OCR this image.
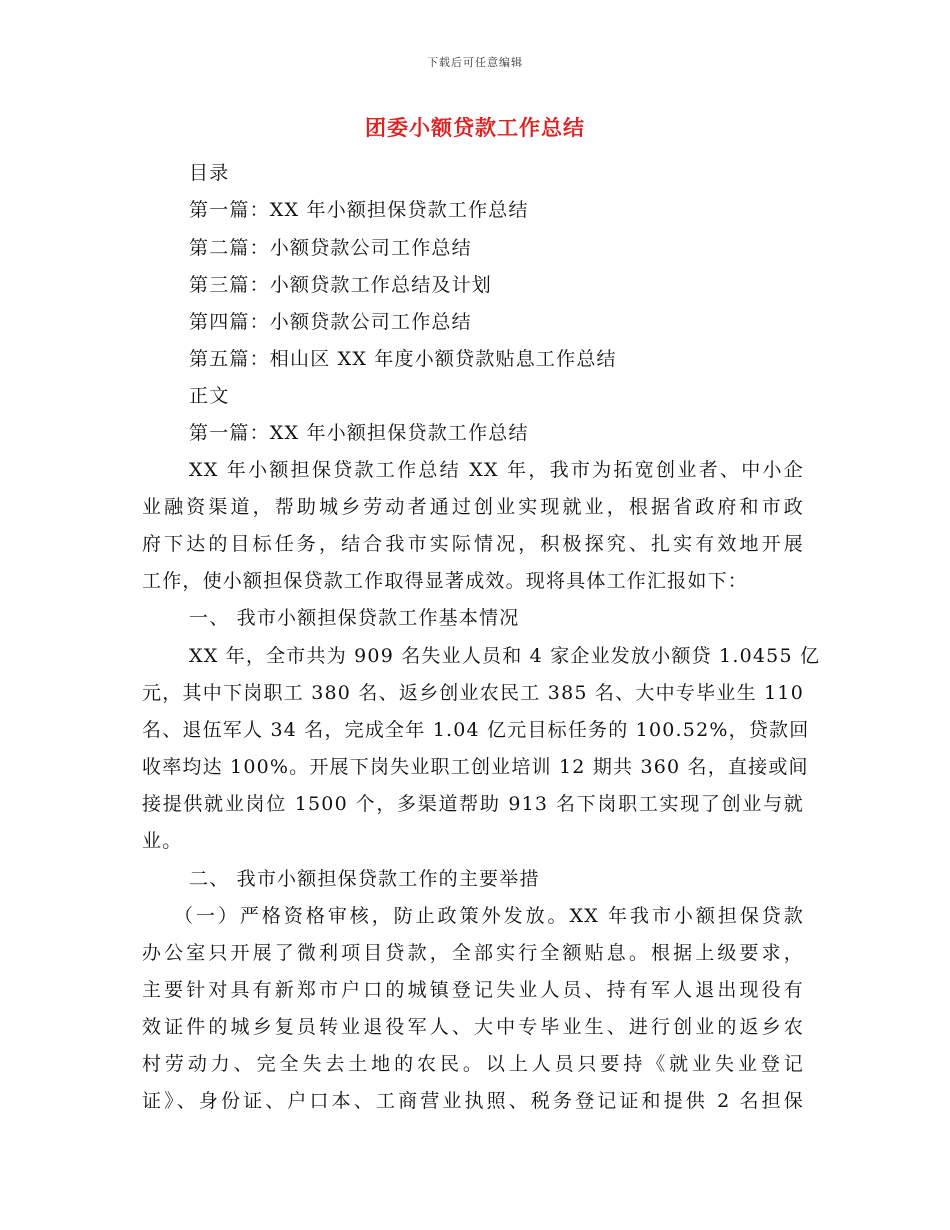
下载后可任意编辑
团委小额贷款工作总结
目录
第一篇：XX 年小额担保贷款工作总结
第二篇：小额贷款公司工作总结
第三篇：小额贷款工作总结及计划
第四篇：小额贷款公司工作总结
第五篇：相山区 XX 年度小额贷款贴息工作总结
正文
第一篇：XX 年小额担保贷款工作总结
XX 年小额担保贷款工作总结 XX 年，我市为拓宽创业者、中小企
业融资渠道，帮助城乡劳动者通过创业实现就业，根据省政府和市政
府下达的目标任务，结合我市实际情况，积极探究、扎实有效地开展
工作，使小额担保贷款工作取得显著成效。现将具体工作汇报如下：
一、 我市小额担保贷款工作基本情况
XX 年，全市共为 909 名失业人员和 4 家企业发放小额贷 1.0455 亿
元，其中下岗职工 380 名、返乡创业农民工 385 名、大中专毕业生 110
名、退伍军人 34 名，完成全年 1.04 亿元目标任务的 100.52%，贷款回
收率均达 100%。开展下岗失业职工创业培训 12 期共 360 名，直接或间
接提供就业岗位 1500 个，多渠道帮助 913 名下岗职工实现了创业与就
业。
二、 我市小额担保贷款工作的主要举措
（一）严格资格审核，防止政策外发放。XX 年我市小额担保贷款
办公室只开展了微利项目贷款，全部实行全额贴息。根据上级要求，
主要针对具有新郑市户口的城镇登记失业人员、持有军人退出现役有
效证件的城乡复员转业退役军人、大中专毕业生、进行创业的返乡农
村劳动力、完全失去土地的农民。以上人员只要持《就业失业登记
证》、身份证、户口本、工商营业执照、税务登记证和提供 2 名担保
